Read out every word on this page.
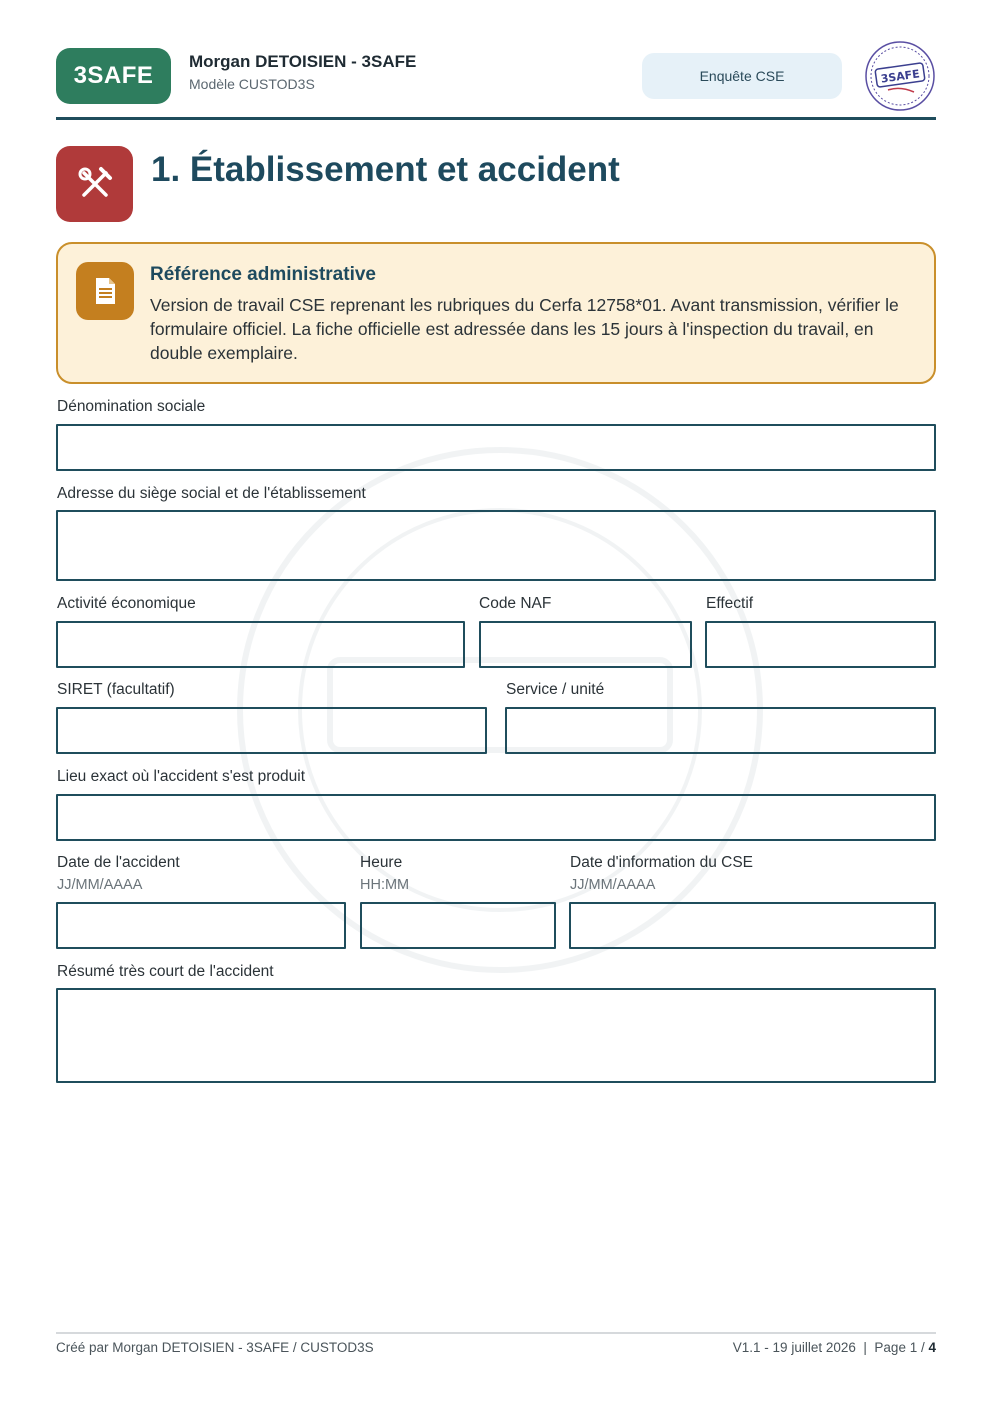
3SAFE
Morgan DETOISIEN - 3SAFE
Modèle CUSTOD3S	Enquête CSE	3SAFE
1. Établissement et accident
Référence administrative
Version de travail CSE reprenant les rubriques du Cerfa 12758*01. Avant transmission, vérifier le formulaire officiel. La fiche officielle est adressée dans les 15 jours à l'inspection du travail, en double exemplaire.
Dénomination sociale
Adresse du siège social et de l'établissement
Activité économique	Code NAF	Effectif
SIRET (facultatif)	Service / unité
Lieu exact où l'accident s'est produit
Date de l'accident
JJ/MM/AAAA
Heure
HH:MM
Date d'information du CSE
JJ/MM/AAAA
Résumé très court de l'accident
Créé par Morgan DETOISIEN - 3SAFE / CUSTOD3S	V1.1 - 19 juillet 2026 | Page 1 / 4
